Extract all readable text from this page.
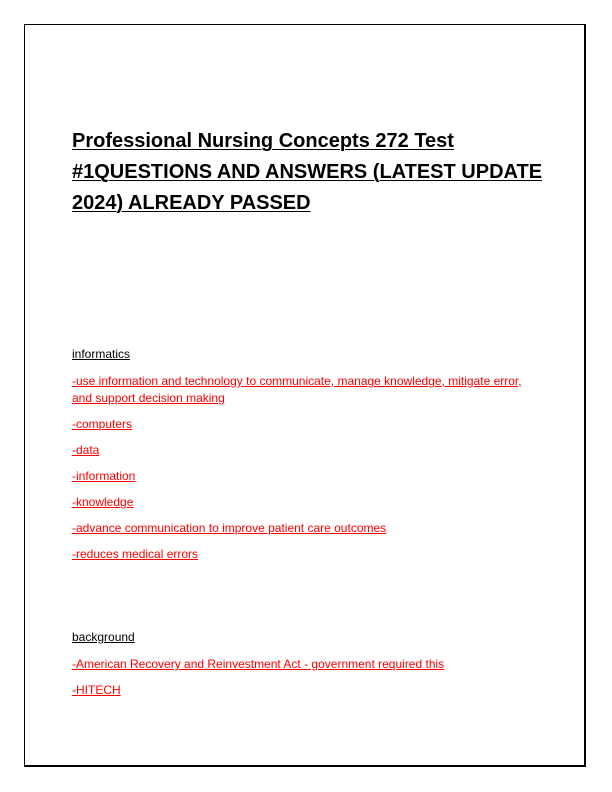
Professional Nursing Concepts 272 Test #1QUESTIONS AND ANSWERS (LATEST UPDATE 2024) ALREADY PASSED

informatics

-use information and technology to communicate, manage knowledge, mitigate error, and support decision making
-computers
-data
-information
-knowledge
-advance communication to improve patient care outcomes
-reduces medical errors

background

-American Recovery and Reinvestment Act - government required this
-HITECH
